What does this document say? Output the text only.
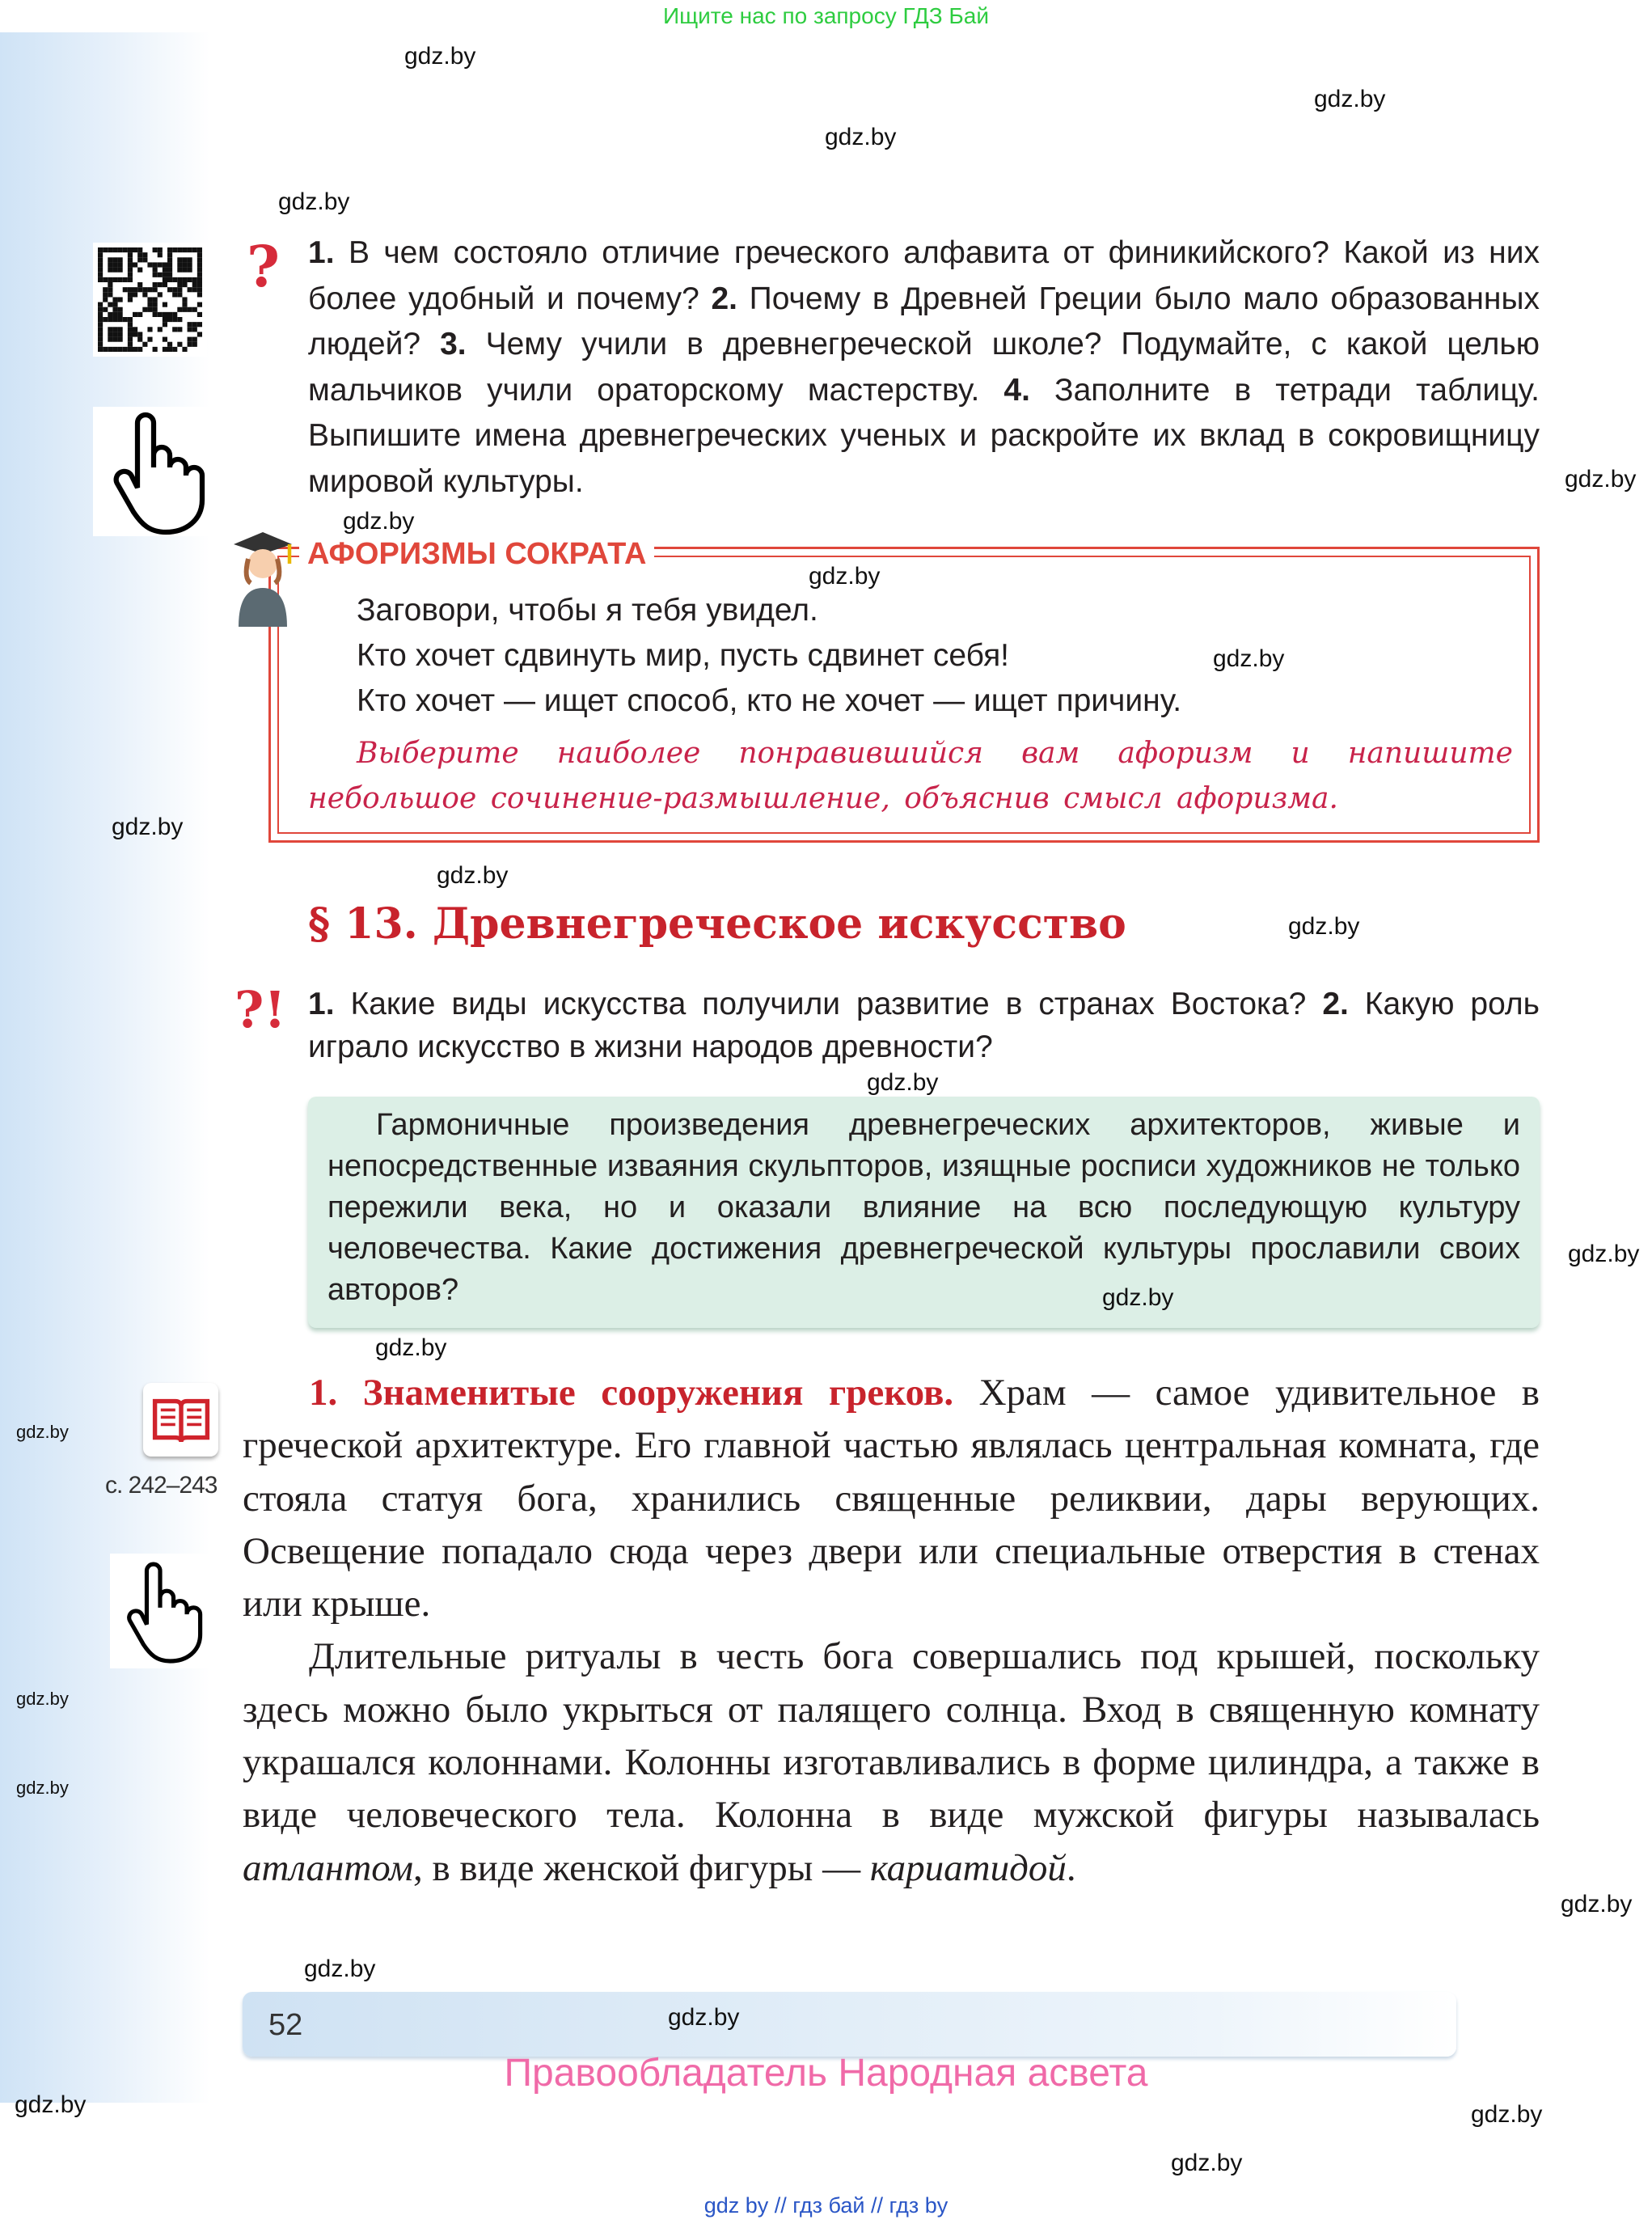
Ищите нас по запросу ГДЗ Бай
? 1. В чем состояло отличие греческого алфавита от финикийского? Какой из них более удобный и почему? 2. Почему в Древней Греции было мало образованных людей? 3. Чему учили в древнегреческой школе? Подумайте, с какой целью мальчиков учили ораторскому мастерству. 4. Заполните в тетради таблицу. Выпишите имена древнегреческих ученых и раскройте их вклад в сокровищницу мировой культуры.
АФОРИЗМЫ СОКРАТА
Заговори, чтобы я тебя увидел.
Кто хочет сдвинуть мир, пусть сдвинет себя!
Кто хочет — ищет способ, кто не хочет — ищет причину.
Выберите наиболее понравившийся вам афоризм и напишите небольшое сочинение-размышление, объяснив смысл афоризма.
§ 13. Древнегреческое искусство
?! 1. Какие виды искусства получили развитие в странах Востока? 2. Какую роль играло искусство в жизни народов древности?
Гармоничные произведения древнегреческих архитекторов, живые и непосредственные изваяния скульпторов, изящные росписи художников не только пережили века, но и оказали влияние на всю последующую культуру человечества. Какие достижения древнегреческой культуры прославили своих авторов?
с. 242–243
1. Знаменитые сооружения греков. Храм — самое удивительное в греческой архитектуре. Его главной частью являлась центральная комната, где стояла статуя бога, хранились священные реликвии, дары верующих. Освещение попадало сюда через двери или специальные отверстия в стенах или крыше.
Длительные ритуалы в честь бога совершались под крышей, поскольку здесь можно было укрыться от палящего солнца. Вход в священную комнату украшался колоннами. Колонны изготавливались в форме цилиндра, а также в виде человеческого тела. Колонна в виде мужской фигуры называлась атлантом, в виде женской фигуры — кариатидой.
52
Правообладатель Народная асвета
gdz by // гдз бай // гдз by
gdz.by
gdz.by
gdz.by
gdz.by
gdz.by
gdz.by
gdz.by
gdz.by
gdz.by
gdz.by
gdz.by
gdz.by
gdz.by
gdz.by
gdz.by
gdz.by
gdz.by
gdz.by
gdz.by
gdz.by
gdz.by
gdz.by
gdz.by
gdz.by
